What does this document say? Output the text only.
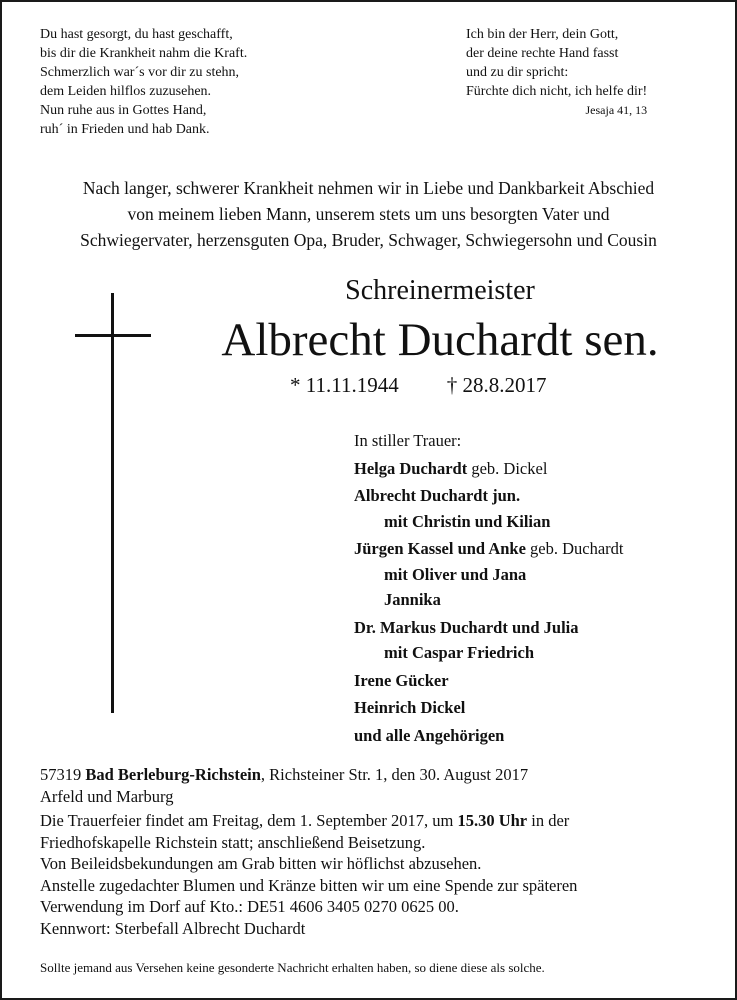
Du hast gesorgt, du hast geschafft,
bis dir die Krankheit nahm die Kraft.
Schmerzlich war´s vor dir zu stehn,
dem Leiden hilflos zuzusehen.
Nun ruhe aus in Gottes Hand,
ruh´ in Frieden und hab Dank.
Ich bin der Herr, dein Gott,
der deine rechte Hand fasst
und zu dir spricht:
Fürchte dich nicht, ich helfe dir!
Jesaja 41, 13
Nach langer, schwerer Krankheit nehmen wir in Liebe und Dankbarkeit Abschied
von meinem lieben Mann, unserem stets um uns besorgten Vater und
Schwiegervater, herzensguten Opa, Bruder, Schwager, Schwiegersohn und Cousin
Schreinermeister
Albrecht Duchardt sen.
* 11.11.1944 † 28.8.2017
In stiller Trauer:
Helga Duchardt geb. Dickel
Albrecht Duchardt jun.
mit Christin und Kilian
Jürgen Kassel und Anke geb. Duchardt
mit Oliver und Jana
Jannika
Dr. Markus Duchardt und Julia
mit Caspar Friedrich
Irene Gücker
Heinrich Dickel
und alle Angehörigen
57319 Bad Berleburg-Richstein, Richsteiner Str. 1, den 30. August 2017
Arfeld und Marburg
Die Trauerfeier findet am Freitag, dem 1. September 2017, um 15.30 Uhr in der
Friedhofskapelle Richstein statt; anschließend Beisetzung.
Von Beileidsbekundungen am Grab bitten wir höflichst abzusehen.
Anstelle zugedachter Blumen und Kränze bitten wir um eine Spende zur späteren
Verwendung im Dorf auf Kto.: DE51 4606 3405 0270 0625 00.
Kennwort: Sterbefall Albrecht Duchardt
Sollte jemand aus Versehen keine gesonderte Nachricht erhalten haben, so diene diese als solche.
